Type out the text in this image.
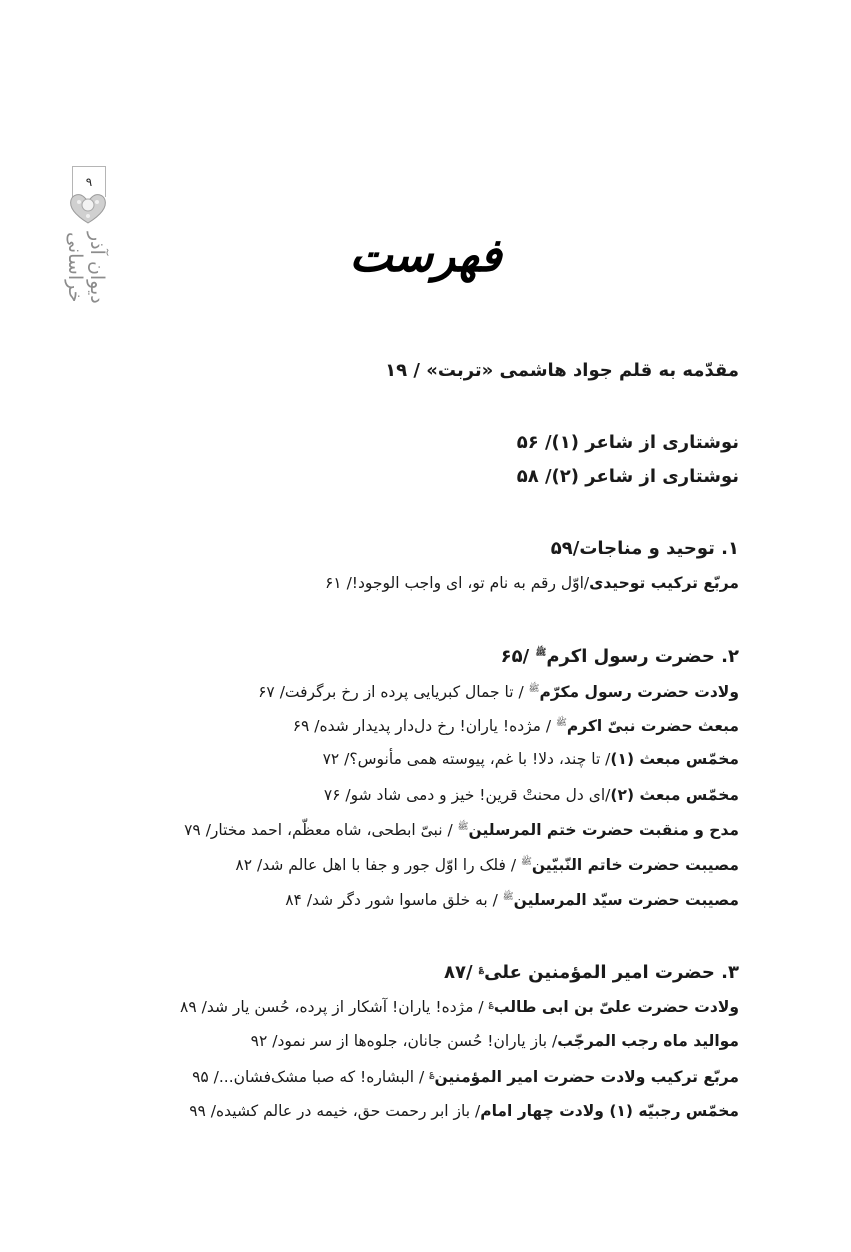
۹
دیوان آذر خراسانی	فهرست
مقدّمه به قلم جواد هاشمی «تربت» / ۱۹
نوشتاری از شاعر (۱)/ ۵۶
نوشتاری از شاعر (۲)/ ۵۸
۱. توحید و مناجات/۵۹
مربّع ترکیب توحیدی/اوّل رقم به نام تو، ای واجب الوجود!/ ۶۱
۲. حضرت رسول اکرم$^ﷺ$ /۶۵
ولادت حضرت رسول مکرّم$^ﷺ$ / تا جمال کبریایی پرده از رخ برگرفت/ ۶۷
مبعث حضرت نبیّ اکرم$^ﷺ$ / مژده! یاران! رخ دل‌دار پدیدار شده/ ۶۹
مخمّس مبعث (۱)/ تا چند، دلا! با غم، پیوسته همی مأنوس؟/ ۷۲
مخمّس مبعث (۲)/ای دل محنتْ قرین! خیز و دمی شاد شو/ ۷۶
مدح و منقبت حضرت ختم المرسلین$^ﷺ$ / نبیّ ابطحی، شاه معظّم، احمد مختار/ ۷۹
مصیبت حضرت خاتم النّبیّین$^ﷺ$ / فلک را اوّل جور و جفا با اهل عالم شد/ ۸۲
مصیبت حضرت سیّد المرسلین$^ﷺ$ / به خلق ماسوا شور دگر شد/ ۸۴
۳. حضرت امیر المؤمنین علی؏ /۸۷
ولادت حضرت علیّ بن ابی طالب؏ / مژده! یاران! آشکار از پرده، حُسن یار شد/ ۸۹
موالید ماه رجب المرجّب/ باز یاران! حُسن جانان، جلوه‌ها از سر نمود/ ۹۲
مربّع ترکیب ولادت حضرت امیر المؤمنین؏ / البشاره! که صبا مشک‌فشان.../ ۹۵
مخمّس رجبیّه (۱) ولادت چهار امام/ باز ابر رحمت حق، خیمه در عالم کشیده/ ۹۹
